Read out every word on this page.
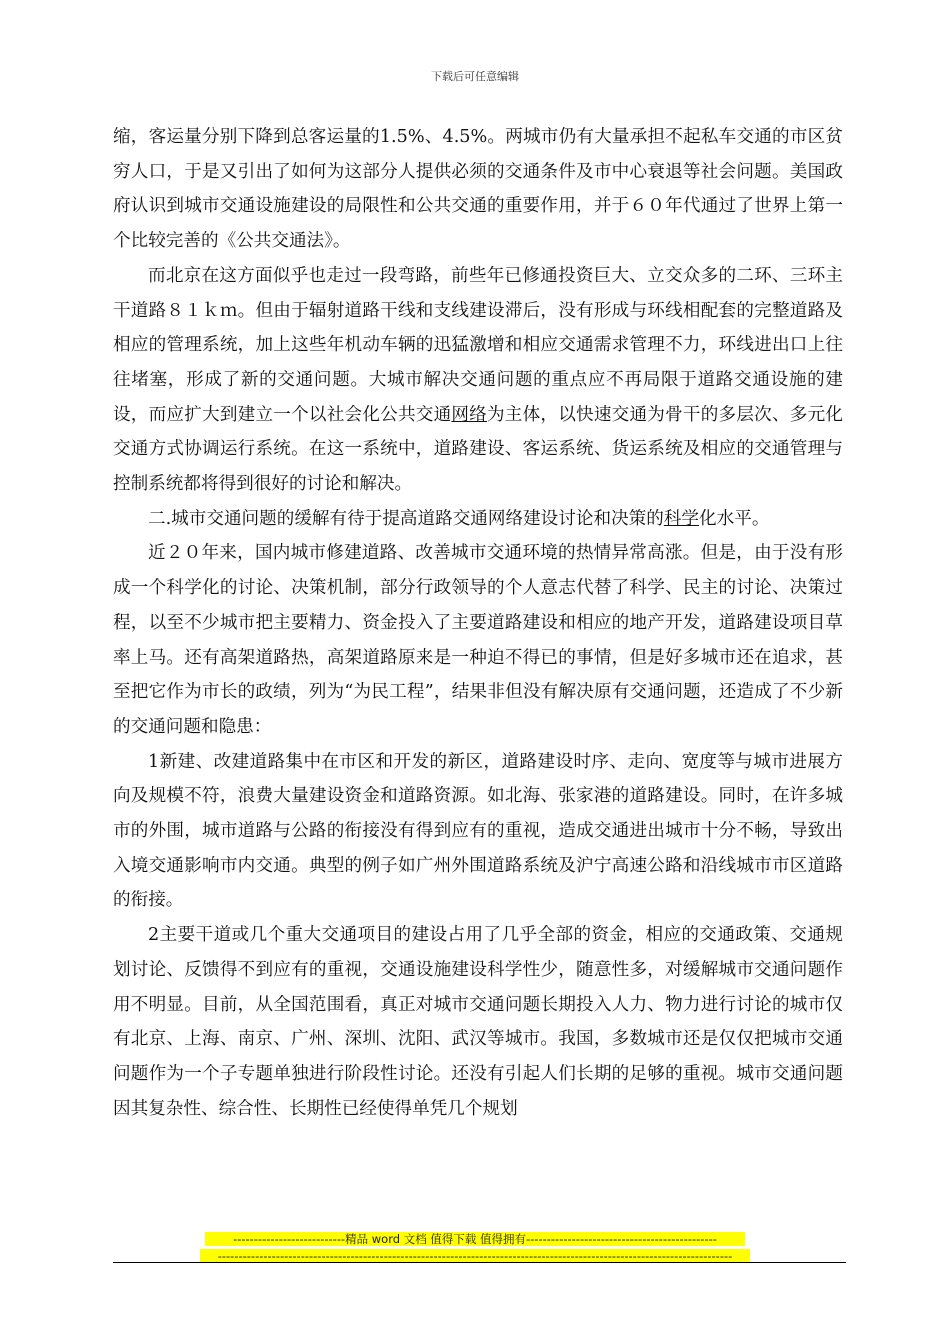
下载后可任意编辑

缩，客运量分别下降到总客运量的1.5%、4.5%。两城市仍有大量承担不起私车交通的市区贫穷人口，于是又引出了如何为这部分人提供必须的交通条件及市中心衰退等社会问题。美国政府认识到城市交通设施建设的局限性和公共交通的重要作用，并于６０年代通过了世界上第一个比较完善的《公共交通法》。

而北京在这方面似乎也走过一段弯路，前些年已修通投资巨大、立交众多的二环、三环主干道路８１ｋｍ。但由于辐射道路干线和支线建设滞后，没有形成与环线相配套的完整道路及相应的管理系统，加上这些年机动车辆的迅猛激增和相应交通需求管理不力，环线进出口上往往堵塞，形成了新的交通问题。大城市解决交通问题的重点应不再局限于道路交通设施的建设，而应扩大到建立一个以社会化公共交通网络为主体，以快速交通为骨干的多层次、多元化交通方式协调运行系统。在这一系统中，道路建设、客运系统、货运系统及相应的交通管理与控制系统都将得到很好的讨论和解决。

二.城市交通问题的缓解有待于提高道路交通网络建设讨论和决策的科学化水平。

近２０年来，国内城市修建道路、改善城市交通环境的热情异常高涨。但是，由于没有形成一个科学化的讨论、决策机制，部分行政领导的个人意志代替了科学、民主的讨论、决策过程，以至不少城市把主要精力、资金投入了主要道路建设和相应的地产开发，道路建设项目草率上马。还有高架道路热，高架道路原来是一种迫不得已的事情，但是好多城市还在追求，甚至把它作为市长的政绩，列为“为民工程”，结果非但没有解决原有交通问题，还造成了不少新的交通问题和隐患：

1新建、改建道路集中在市区和开发的新区，道路建设时序、走向、宽度等与城市进展方向及规模不符，浪费大量建设资金和道路资源。如北海、张家港的道路建设。同时，在许多城市的外围，城市道路与公路的衔接没有得到应有的重视，造成交通进出城市十分不畅，导致出入境交通影响市内交通。典型的例子如广州外围道路系统及沪宁高速公路和沿线城市市区道路的衔接。

2主要干道或几个重大交通项目的建设占用了几乎全部的资金，相应的交通政策、交通规划讨论、反馈得不到应有的重视，交通设施建设科学性少，随意性多，对缓解城市交通问题作用不明显。目前，从全国范围看，真正对城市交通问题长期投入人力、物力进行讨论的城市仅有北京、上海、南京、广州、深圳、沈阳、武汉等城市。我国，多数城市还是仅仅把城市交通问题作为一个子专题单独进行阶段性讨论。还没有引起人们长期的足够的重视。城市交通问题因其复杂性、综合性、长期性已经使得单凭几个规划

---------------------------精品 word 文档 值得下载 值得拥有----------------------------------------------
----------------------------------------------------------------------------------------------------------------------------
